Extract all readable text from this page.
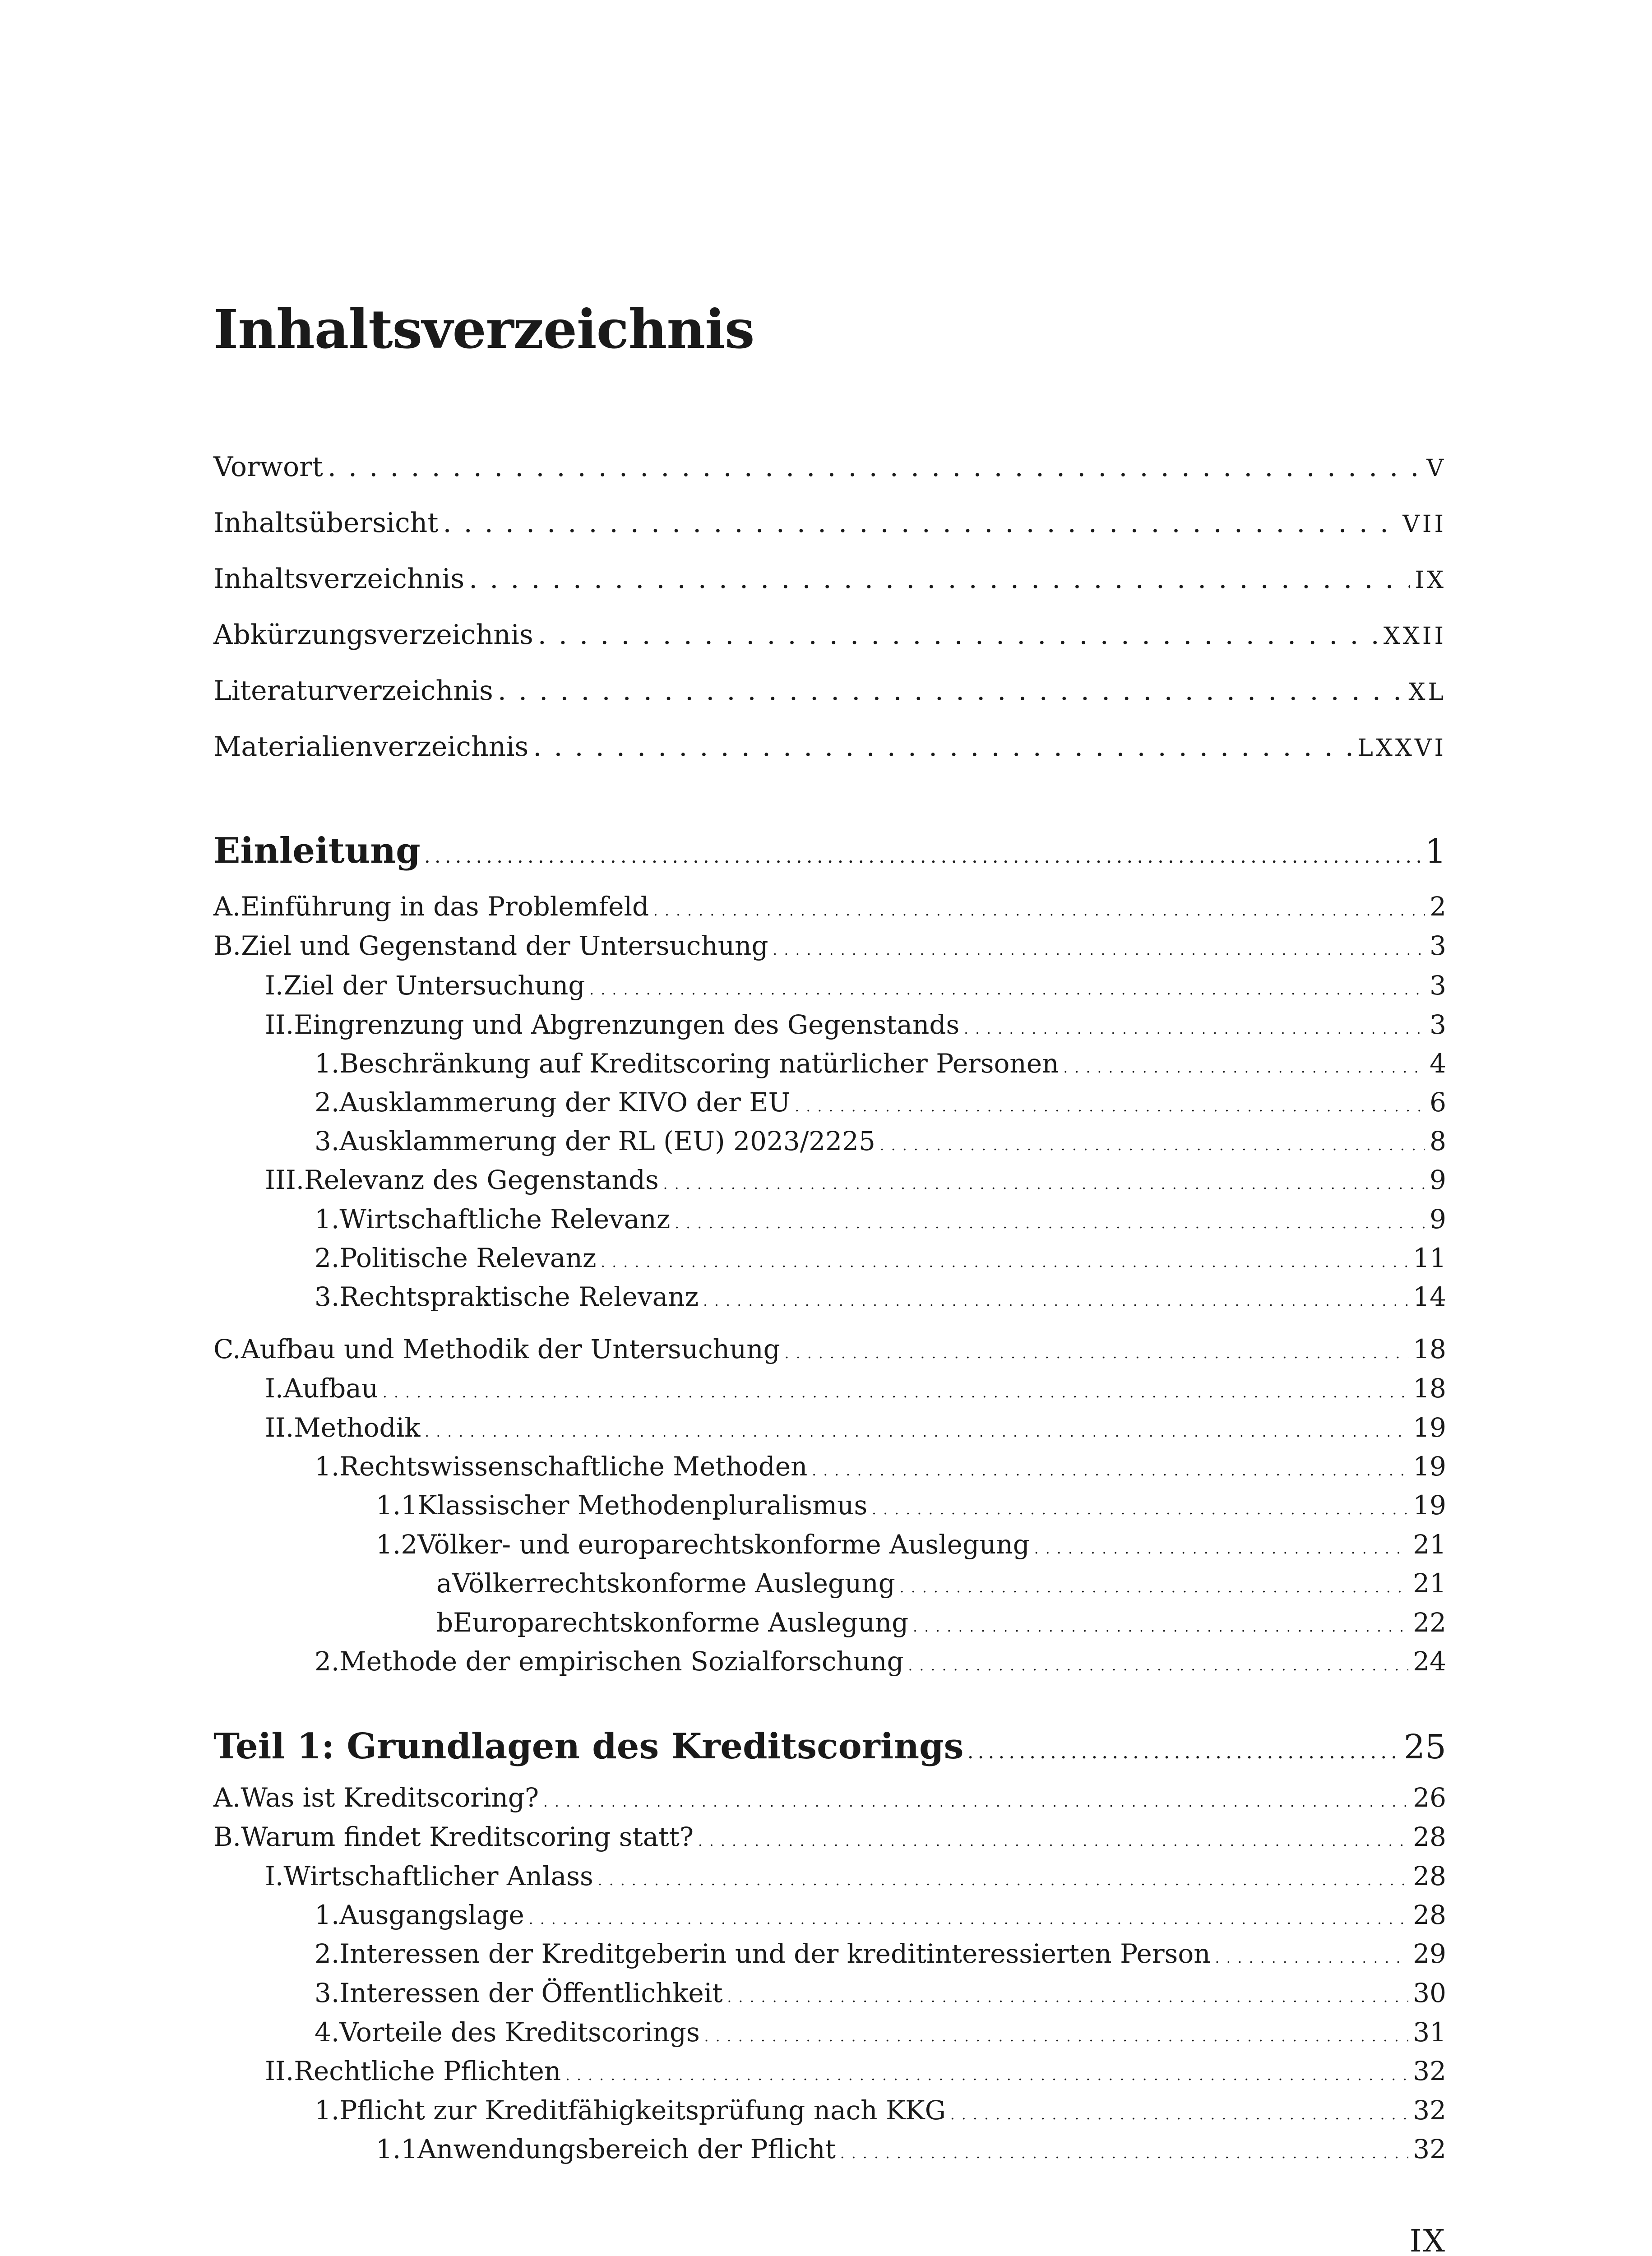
Inhaltsverzeichnis
Vorwort . . .	V
Inhaltsübersicht . . .	VII
Inhaltsverzeichnis . . .	IX
Abkürzungsverzeichnis . . .	XXII
Literaturverzeichnis . . .	XL
Materialienverzeichnis . . .	LXXVI
Einleitung . . .	1
A. Einführung in das Problemfeld . . .	2
B. Ziel und Gegenstand der Untersuchung . . .	3
I. Ziel der Untersuchung . . .	3
II. Eingrenzung und Abgrenzungen des Gegenstands . . .	3
1. Beschränkung auf Kreditscoring natürlicher Personen . . .	4
2. Ausklammerung der KIVO der EU . . .	6
3. Ausklammerung der RL (EU) 2023/2225 . . .	8
III. Relevanz des Gegenstands . . .	9
1. Wirtschaftliche Relevanz . . .	9
2. Politische Relevanz . . .	11
3. Rechtspraktische Relevanz . . .	14
C. Aufbau und Methodik der Untersuchung . . .	18
I. Aufbau . . .	18
II. Methodik . . .	19
1. Rechtswissenschaftliche Methoden . . .	19
1.1 Klassischer Methodenpluralismus . . .	19
1.2 Völker- und europarechtskonforme Auslegung . . .	21
a Völkerrechtskonforme Auslegung . . .	21
b Europarechtskonforme Auslegung . . .	22
2. Methode der empirischen Sozialforschung . . .	24
Teil 1: Grundlagen des Kreditscorings . . .	25
A. Was ist Kreditscoring? . . .	26
B. Warum findet Kreditscoring statt? . . .	28
I. Wirtschaftlicher Anlass . . .	28
1. Ausgangslage . . .	28
2. Interessen der Kreditgeberin und der kreditinteressierten Person . . .	29
3. Interessen der Öffentlichkeit . . .	30
4. Vorteile des Kreditscorings . . .	31
II. Rechtliche Pflichten . . .	32
1. Pflicht zur Kreditfähigkeitsprüfung nach KKG . . .	32
1.1 Anwendungsbereich der Pflicht . . .	32
IX
